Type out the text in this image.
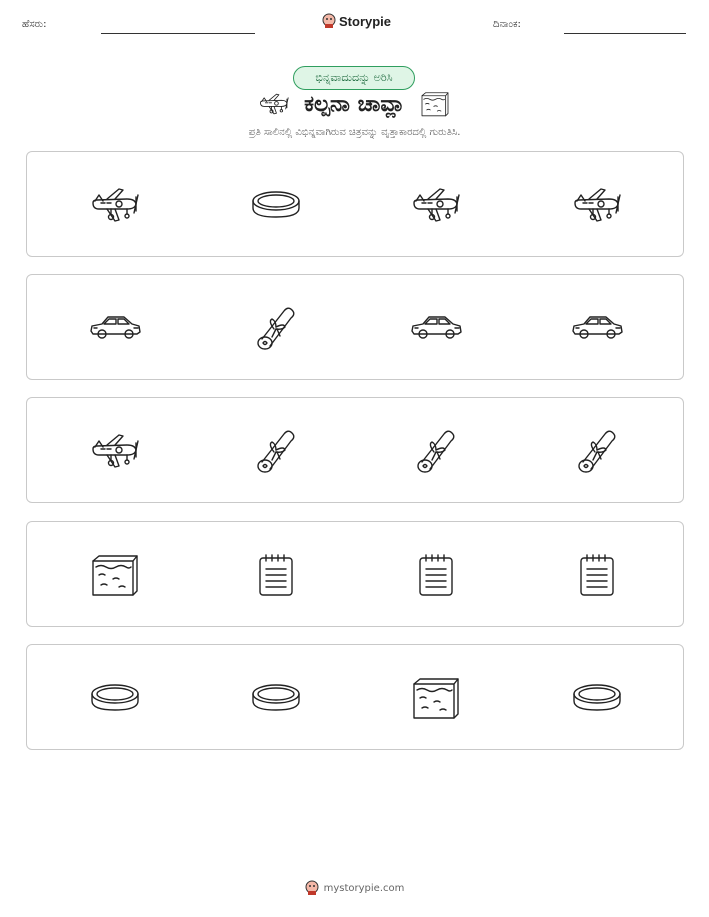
ಹೆಸರು:	Storypie	ದಿನಾಂಕ:
ಭಿನ್ನವಾದುದನ್ನು ಅರಿಸಿ
ಕಲ್ಪನಾ ಚಾವ್ಲಾ
ಪ್ರತಿ ಸಾಲಿನಲ್ಲಿ ವಿಭಿನ್ನವಾಗಿರುವ ಚಿತ್ರವನ್ನು ವೃತ್ತಾಕಾರದಲ್ಲಿ ಗುರುತಿಸಿ.
mystorypie.com
